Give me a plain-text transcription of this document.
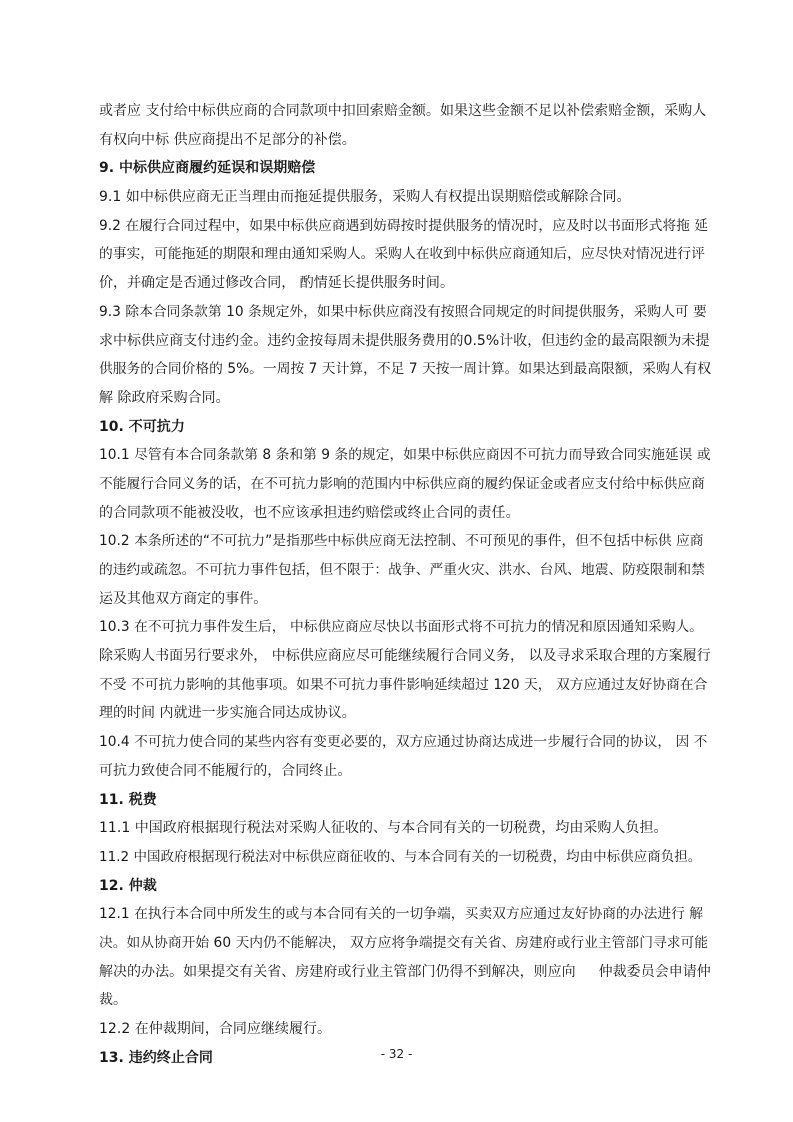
或者应 支付给中标供应商的合同款项中扣回索赔金额。如果这些金额不足以补偿索赔金额，采购人
有权向中标 供应商提出不足部分的补偿。
9. 中标供应商履约延误和误期赔偿
9.1 如中标供应商无正当理由而拖延提供服务，采购人有权提出误期赔偿或解除合同。
9.2 在履行合同过程中，如果中标供应商遇到妨碍按时提供服务的情况时，应及时以书面形式将拖 延
的事实，可能拖延的期限和理由通知采购人。采购人在收到中标供应商通知后，应尽快对情况进行评
价，并确定是否通过修改合同， 酌情延长提供服务时间。
9.3 除本合同条款第 10 条规定外，如果中标供应商没有按照合同规定的时间提供服务，采购人可 要
求中标供应商支付违约金。违约金按每周未提供服务费用的0.5%计收，但违约金的最高限额为未提
供服务的合同价格的 5%。一周按 7 天计算，不足 7 天按一周计算。如果达到最高限额，采购人有权
解 除政府采购合同。
10. 不可抗力
10.1 尽管有本合同条款第 8 条和第 9 条的规定，如果中标供应商因不可抗力而导致合同实施延误 或
不能履行合同义务的话，在不可抗力影响的范围内中标供应商的履约保证金或者应支付给中标供应商
的合同款项不能被没收，也不应该承担违约赔偿或终止合同的责任。
10.2 本条所述的“不可抗力”是指那些中标供应商无法控制、不可预见的事件，但不包括中标供 应商
的违约或疏忽。不可抗力事件包括，但不限于：战争、严重火灾、洪水、台风、地震、防疫限制和禁
运及其他双方商定的事件。
10.3 在不可抗力事件发生后， 中标供应商应尽快以书面形式将不可抗力的情况和原因通知采购人。
除采购人书面另行要求外， 中标供应商应尽可能继续履行合同义务， 以及寻求采取合理的方案履行
不受 不可抗力影响的其他事项。如果不可抗力事件影响延续超过 120 天， 双方应通过友好协商在合
理的时间 内就进一步实施合同达成协议。
10.4 不可抗力使合同的某些内容有变更必要的，双方应通过协商达成进一步履行合同的协议， 因 不
可抗力致使合同不能履行的，合同终止。
11. 税费
11.1 中国政府根据现行税法对采购人征收的、与本合同有关的一切税费，均由采购人负担。
11.2 中国政府根据现行税法对中标供应商征收的、与本合同有关的一切税费，均由中标供应商负担。
12. 仲裁
12.1 在执行本合同中所发生的或与本合同有关的一切争端，买卖双方应通过友好协商的办法进行 解
决。如从协商开始 60 天内仍不能解决， 双方应将争端提交有关省、房建府或行业主管部门寻求可能
解决的办法。如果提交有关省、房建府或行业主管部门仍得不到解决，则应向 　 仲裁委员会申请仲
裁。
12.2 在仲裁期间，合同应继续履行。
13. 违约终止合同	- 32 -
